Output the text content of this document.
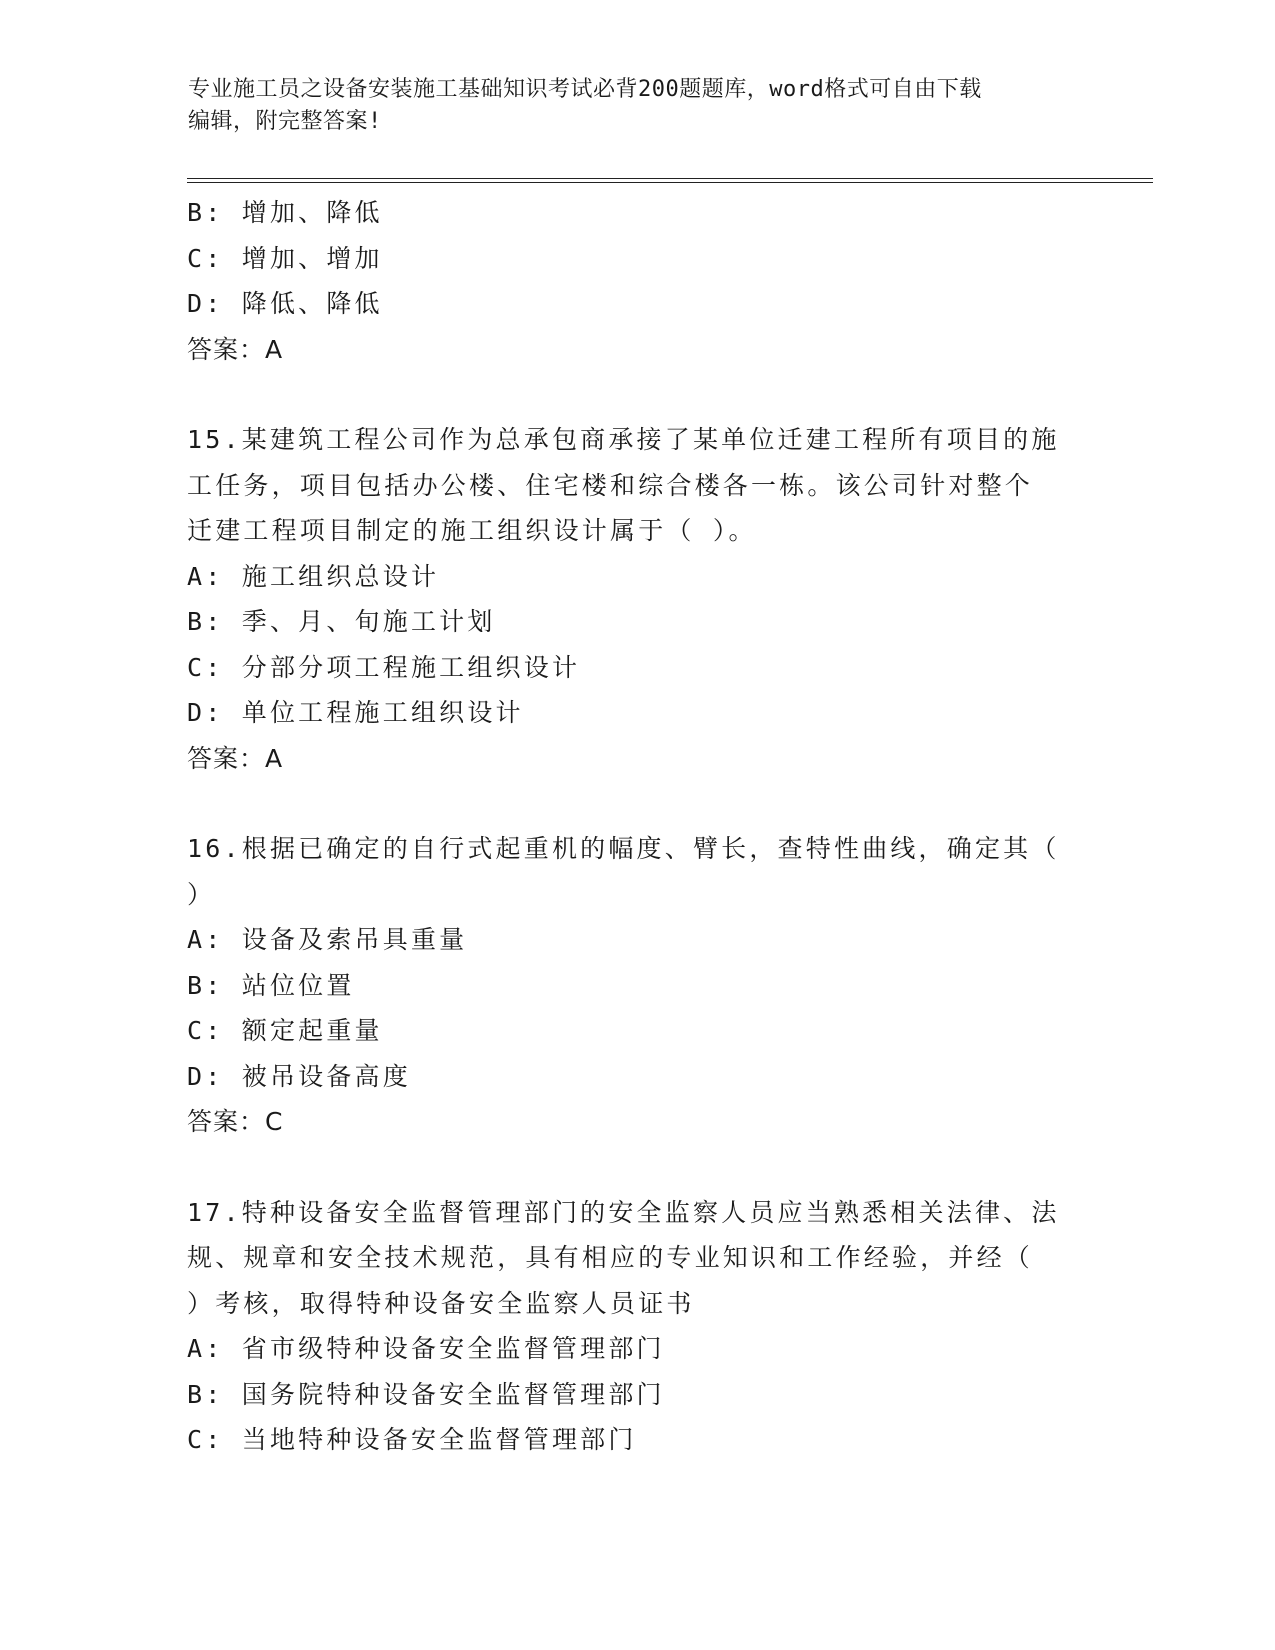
专业施工员之设备安装施工基础知识考试必背200题题库，word格式可自由下载
编辑，附完整答案!
B: 增加、降低
C: 增加、增加
D: 降低、降低
答案：A
15.某建筑工程公司作为总承包商承接了某单位迁建工程所有项目的施
工任务，项目包括办公楼、住宅楼和综合楼各一栋。该公司针对整个
迁建工程项目制定的施工组织设计属于（ ）。
A: 施工组织总设计
B: 季、月、旬施工计划
C: 分部分项工程施工组织设计
D: 单位工程施工组织设计
答案：A
16.根据已确定的自行式起重机的幅度、臂长，查特性曲线，确定其（
）
A: 设备及索吊具重量
B: 站位位置
C: 额定起重量
D: 被吊设备高度
答案：C
17.特种设备安全监督管理部门的安全监察人员应当熟悉相关法律、法
规、规章和安全技术规范，具有相应的专业知识和工作经验，并经（
）考核，取得特种设备安全监察人员证书
A: 省市级特种设备安全监督管理部门
B: 国务院特种设备安全监督管理部门
C: 当地特种设备安全监督管理部门
